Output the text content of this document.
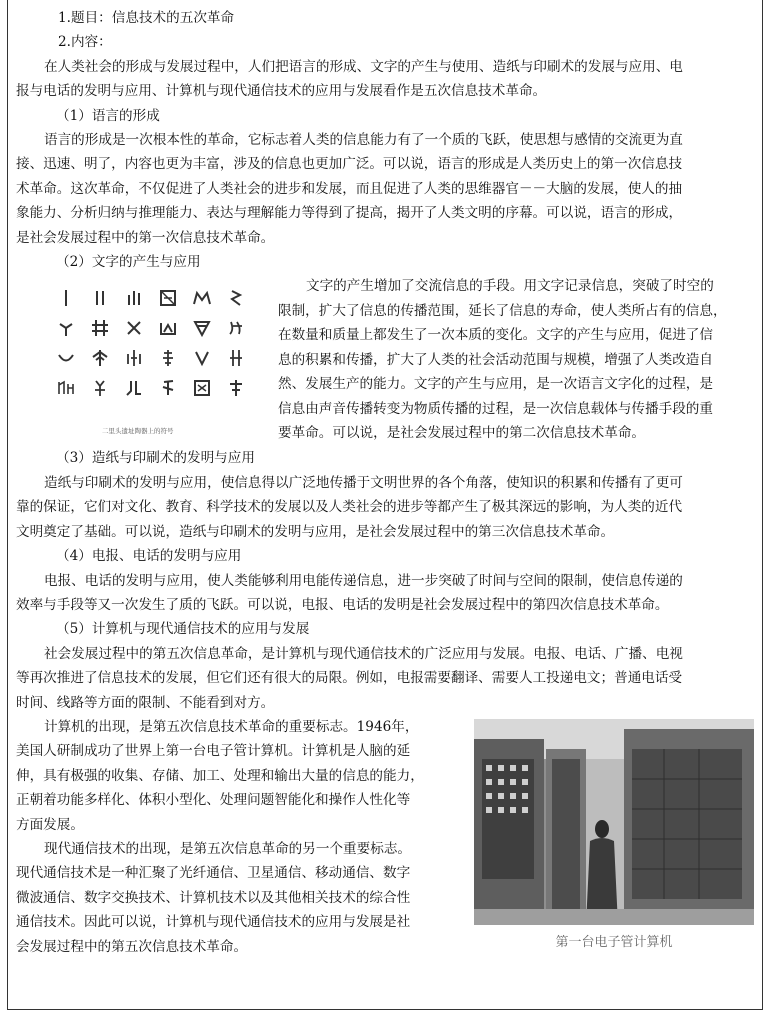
1.题目：信息技术的五次革命

2.内容：

在人类社会的形成与发展过程中，人们把语言的形成、文字的产生与使用、造纸与印刷术的发展与应用、电

报与电话的发明与应用、计算机与现代通信技术的应用与发展看作是五次信息技术革命。

（1）语言的形成

语言的形成是一次根本性的革命，它标志着人类的信息能力有了一个质的飞跃，使思想与感情的交流更为直

接、迅速、明了，内容也更为丰富，涉及的信息也更加广泛。可以说，语言的形成是人类历史上的第一次信息技

术革命。这次革命，不仅促进了人类社会的进步和发展，而且促进了人类的思维器官－－大脑的发展，使人的抽

象能力、分析归纳与推理能力、表达与理解能力等得到了提高，揭开了人类文明的序幕。可以说，语言的形成，

是社会发展过程中的第一次信息技术革命。

（2）文字的产生与应用

二里头遗址陶器上的符号

文字的产生增加了交流信息的手段。用文字记录信息，突破了时空的

限制，扩大了信息的传播范围，延长了信息的寿命，使人类所占有的信息，
在数量和质量上都发生了一次本质的变化。文字的产生与应用，促进了信
息的积累和传播，扩大了人类的社会活动范围与规模，增强了人类改造自
然、发展生产的能力。文字的产生与应用，是一次语言文字化的过程，是
信息由声音传播转变为物质传播的过程，是一次信息载体与传播手段的重
要革命。可以说，是社会发展过程中的第二次信息技术革命。

（3）造纸与印刷术的发明与应用

造纸与印刷术的发明与应用，使信息得以广泛地传播于文明世界的各个角落，使知识的积累和传播有了更可

靠的保证，它们对文化、教育、科学技术的发展以及人类社会的进步等都产生了极其深远的影响，为人类的近代

文明奠定了基础。可以说，造纸与印刷术的发明与应用，是社会发展过程中的第三次信息技术革命。

（4）电报、电话的发明与应用

电报、电话的发明与应用，使人类能够利用电能传递信息，进一步突破了时间与空间的限制，使信息传递的

效率与手段等又一次发生了质的飞跃。可以说，电报、电话的发明是社会发展过程中的第四次信息技术革命。

（5）计算机与现代通信技术的应用与发展

社会发展过程中的第五次信息革命，是计算机与现代通信技术的广泛应用与发展。电报、电话、广播、电视

等再次推进了信息技术的发展，但它们还有很大的局限。例如，电报需要翻译、需要人工投递电文；普通电话受

时间、线路等方面的限制、不能看到对方。

计算机的出现，是第五次信息技术革命的重要标志。1946年，

美国人研制成功了世界上第一台电子管计算机。计算机是人脑的延

伸，具有极强的收集、存储、加工、处理和输出大量的信息的能力，

正朝着功能多样化、体积小型化、处理问题智能化和操作人性化等

方面发展。

现代通信技术的出现，是第五次信息革命的另一个重要标志。

现代通信技术是一种汇聚了光纤通信、卫星通信、移动通信、数字

微波通信、数字交换技术、计算机技术以及其他相关技术的综合性

通信技术。因此可以说，计算机与现代通信技术的应用与发展是社

会发展过程中的第五次信息技术革命。	第一台电子管计算机
